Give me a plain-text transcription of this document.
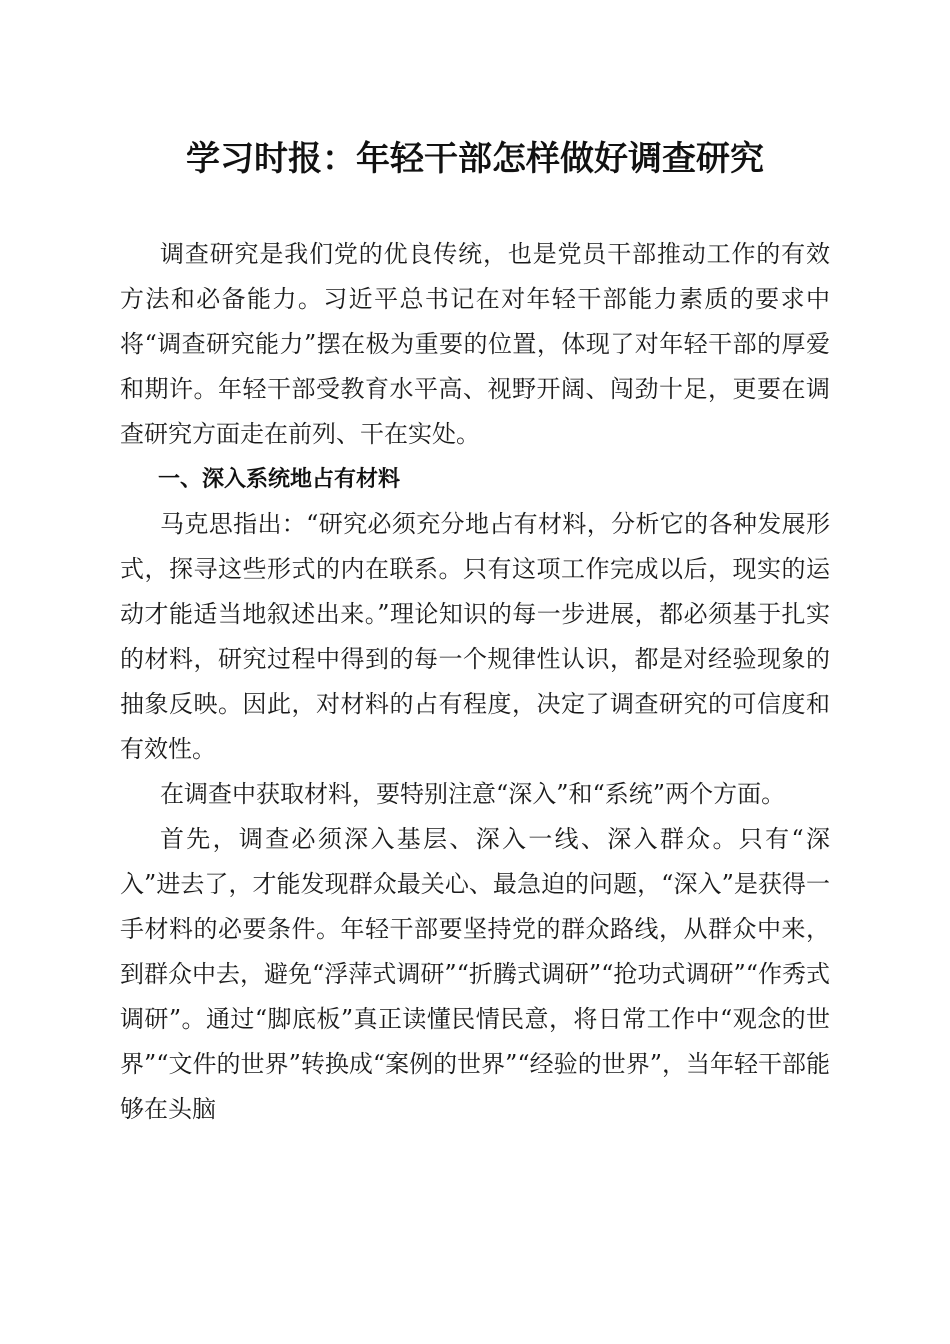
学习时报：年轻干部怎样做好调查研究

调查研究是我们党的优良传统，也是党员干部推动工作的有效方法和必备能力。习近平总书记在对年轻干部能力素质的要求中将“调查研究能力”摆在极为重要的位置，体现了对年轻干部的厚爱和期许。年轻干部受教育水平高、视野开阔、闯劲十足，更要在调查研究方面走在前列、干在实处。

一、深入系统地占有材料

马克思指出：“研究必须充分地占有材料，分析它的各种发展形式，探寻这些形式的内在联系。只有这项工作完成以后，现实的运动才能适当地叙述出来。”理论知识的每一步进展，都必须基于扎实的材料，研究过程中得到的每一个规律性认识，都是对经验现象的抽象反映。因此，对材料的占有程度，决定了调查研究的可信度和有效性。

在调查中获取材料，要特别注意“深入”和“系统”两个方面。

首先，调查必须深入基层、深入一线、深入群众。只有“深入”进去了，才能发现群众最关心、最急迫的问题，“深入”是获得一手材料的必要条件。年轻干部要坚持党的群众路线，从群众中来，到群众中去，避免“浮萍式调研”“折腾式调研”“抢功式调研”“作秀式调研”。通过“脚底板”真正读懂民情民意，将日常工作中“观念的世界”“文件的世界”转换成“案例的世界”“经验的世界”，当年轻干部能够在头脑
